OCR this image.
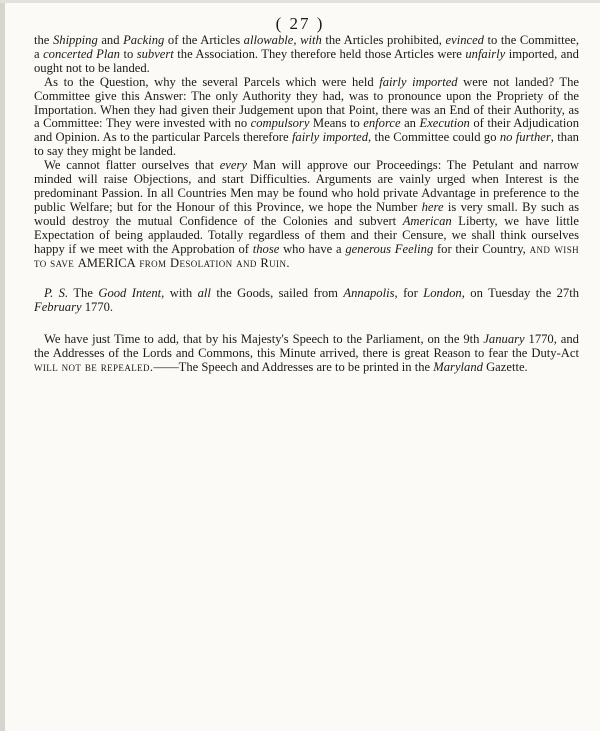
( 27 )

the Shipping and Packing of the Articles allowable, with the Articles prohibited, evinced to the Committee, a concerted Plan to subvert the Association. They therefore held those Articles were unfairly imported, and ought not to be landed.

As to the Question, why the several Parcels which were held fairly imported were not landed? The Committee give this Answer: The only Authority they had, was to pronounce upon the Propriety of the Importation. When they had given their Judgement upon that Point, there was an End of their Authority, as a Committee: They were invested with no compulsory Means to enforce an Execution of their Adjudication and Opinion. As to the particular Parcels therefore fairly imported, the Committee could go no further, than to say they might be landed.

We cannot flatter ourselves that every Man will approve our Proceedings: The Petulant and narrow minded will raise Objections, and start Difficulties. Arguments are vainly urged when Interest is the predominant Passion. In all Countries Men may be found who hold private Advantage in preference to the public Welfare; but for the Honour of this Province, we hope the Number here is very small. By such as would destroy the mutual Confidence of the Colonies and subvert American Liberty, we have little Expectation of being applauded. Totally regardless of them and their Censure, we shall think ourselves happy if we meet with the Approbation of those who have a generous Feeling for their Country, and wish to save AMERICA from Desolation and Ruin.

P. S. The Good Intent, with all the Goods, sailed from Annapolis, for London, on Tuesday the 27th February 1770.

We have just Time to add, that by his Majesty's Speech to the Parliament, on the 9th January 1770, and the Addresses of the Lords and Commons, this Minute arrived, there is great Reason to fear the Duty-Act will not be repealed.——The Speech and Addresses are to be printed in the Maryland Gazette.
